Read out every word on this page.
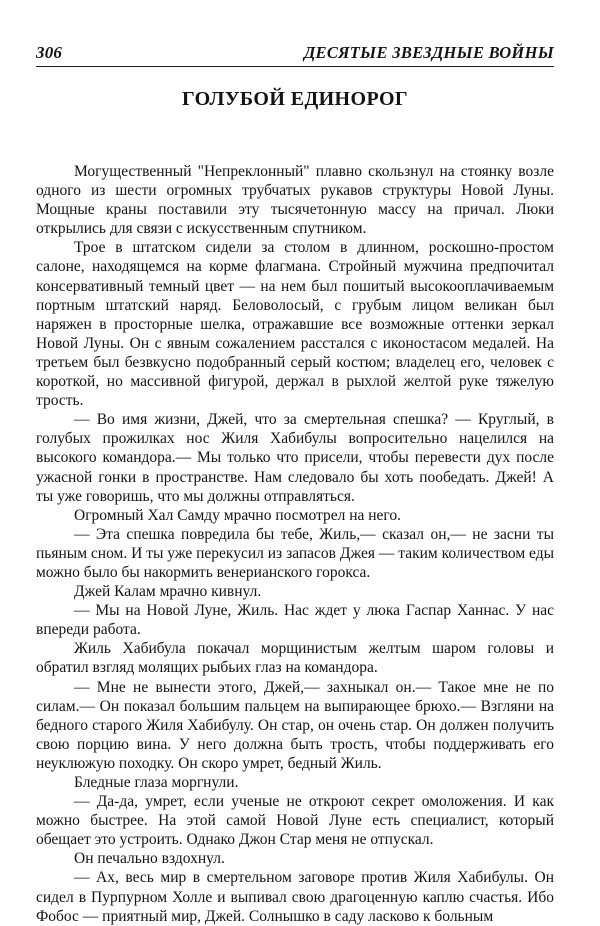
306	ДЕСЯТЫЕ ЗВЕЗДНЫЕ ВОЙНЫ
ГОЛУБОЙ ЕДИНОРОГ

Могущественный "Непреклонный" плавно скользнул на стоянку возле одного из шести огромных трубчатых рукавов структуры Новой Луны. Мощные краны поставили эту тысячетонную массу на причал. Люки открылись для связи с искусственным спутником.

Трое в штатском сидели за столом в длинном, роскошно-простом салоне, находящемся на корме флагмана. Стройный мужчина предпочитал консервативный темный цвет — на нем был пошитый высокооплачиваемым портным штатский наряд. Беловолосый, с грубым лицом великан был наряжен в просторные шелка, отражавшие все возможные оттенки зеркал Новой Луны. Он с явным сожалением расстался с иконостасом медалей. На третьем был безвкусно подобранный серый костюм; владелец его, человек с короткой, но массивной фигурой, держал в рыхлой желтой руке тяжелую трость.

— Во имя жизни, Джей, что за смертельная спешка? — Круглый, в голубых прожилках нос Жиля Хабибулы вопросительно нацелился на высокого командора.— Мы только что присели, чтобы перевести дух после ужасной гонки в пространстве. Нам следовало бы хоть пообедать. Джей! А ты уже говоришь, что мы должны отправляться.

Огромный Хал Самду мрачно посмотрел на него.

— Эта спешка повредила бы тебе, Жиль,— сказал он,— не засни ты пьяным сном. И ты уже перекусил из запасов Джея — таким количеством еды можно было бы накормить венерианского горокса.

Джей Калам мрачно кивнул.

— Мы на Новой Луне, Жиль. Нас ждет у люка Гаспар Ханнас. У нас впереди работа.

Жиль Хабибула покачал морщинистым желтым шаром головы и обратил взгляд молящих рыбьих глаз на командора.

— Мне не вынести этого, Джей,— захныкал он.— Такое мне не по силам.— Он показал большим пальцем на выпирающее брюхо.— Взгляни на бедного старого Жиля Хабибулу. Он стар, он очень стар. Он должен получить свою порцию вина. У него должна быть трость, чтобы поддерживать его неуклюжую походку. Он скоро умрет, бедный Жиль.

Бледные глаза моргнули.

— Да-да, умрет, если ученые не откроют секрет омоложения. И как можно быстрее. На этой самой Новой Луне есть специалист, который обещает это устроить. Однако Джон Стар меня не отпускал.

Он печально вздохнул.

— Ах, весь мир в смертельном заговоре против Жиля Хабибулы. Он сидел в Пурпурном Холле и выпивал свою драгоценную каплю счастья. Ибо Фобос — приятный мир, Джей. Солнышко в саду ласково к больным
